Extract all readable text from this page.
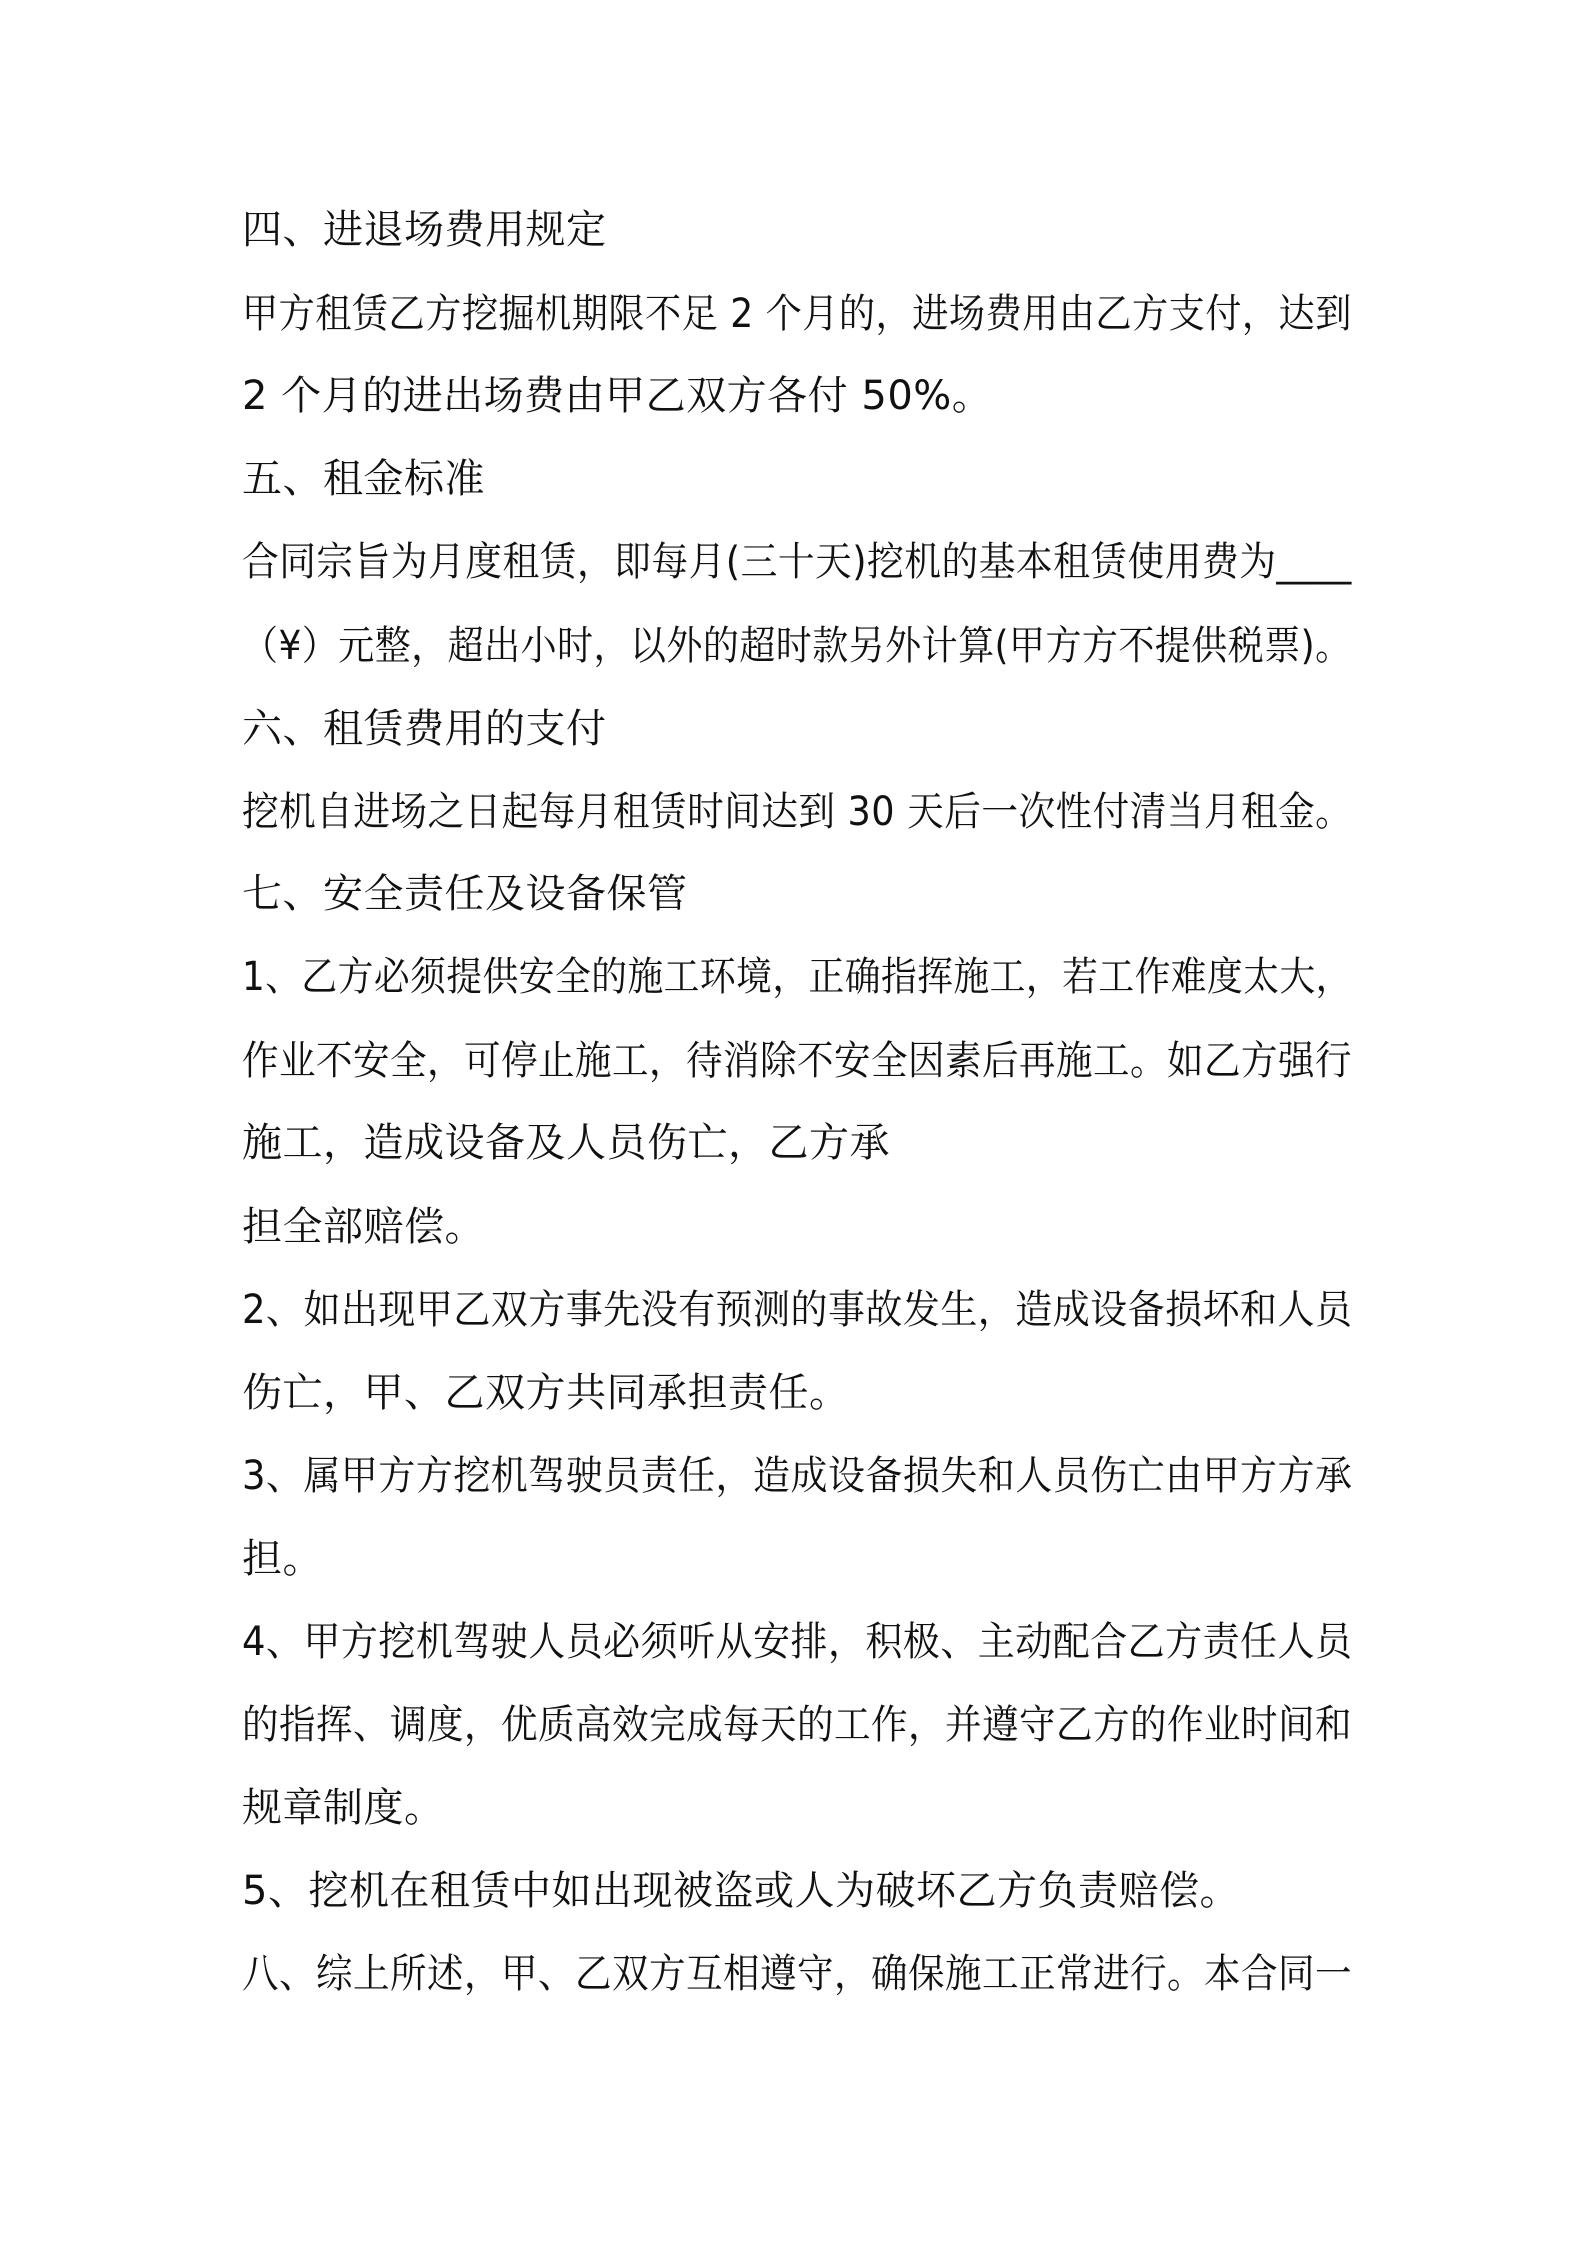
四、进退场费用规定
甲方租赁乙方挖掘机期限不足 2 个月的，进场费用由乙方支付，达到
2 个月的进出场费由甲乙双方各付 50%。
五、租金标准
合同宗旨为月度租赁，即每月(三十天)挖机的基本租赁使用费为____
（¥）元整，超出小时，以外的超时款另外计算(甲方方不提供税票)。
六、租赁费用的支付
挖机自进场之日起每月租赁时间达到 30 天后一次性付清当月租金。
七、安全责任及设备保管
1、乙方必须提供安全的施工环境，正确指挥施工，若工作难度太大，
作业不安全，可停止施工，待消除不安全因素后再施工。如乙方强行
施工，造成设备及人员伤亡，乙方承
担全部赔偿。
2、如出现甲乙双方事先没有预测的事故发生，造成设备损坏和人员
伤亡，甲、乙双方共同承担责任。
3、属甲方方挖机驾驶员责任，造成设备损失和人员伤亡由甲方方承
担。
4、甲方挖机驾驶人员必须听从安排，积极、主动配合乙方责任人员
的指挥、调度，优质高效完成每天的工作，并遵守乙方的作业时间和
规章制度。
5、挖机在租赁中如出现被盗或人为破坏乙方负责赔偿。
八、综上所述，甲、乙双方互相遵守，确保施工正常进行。本合同一
